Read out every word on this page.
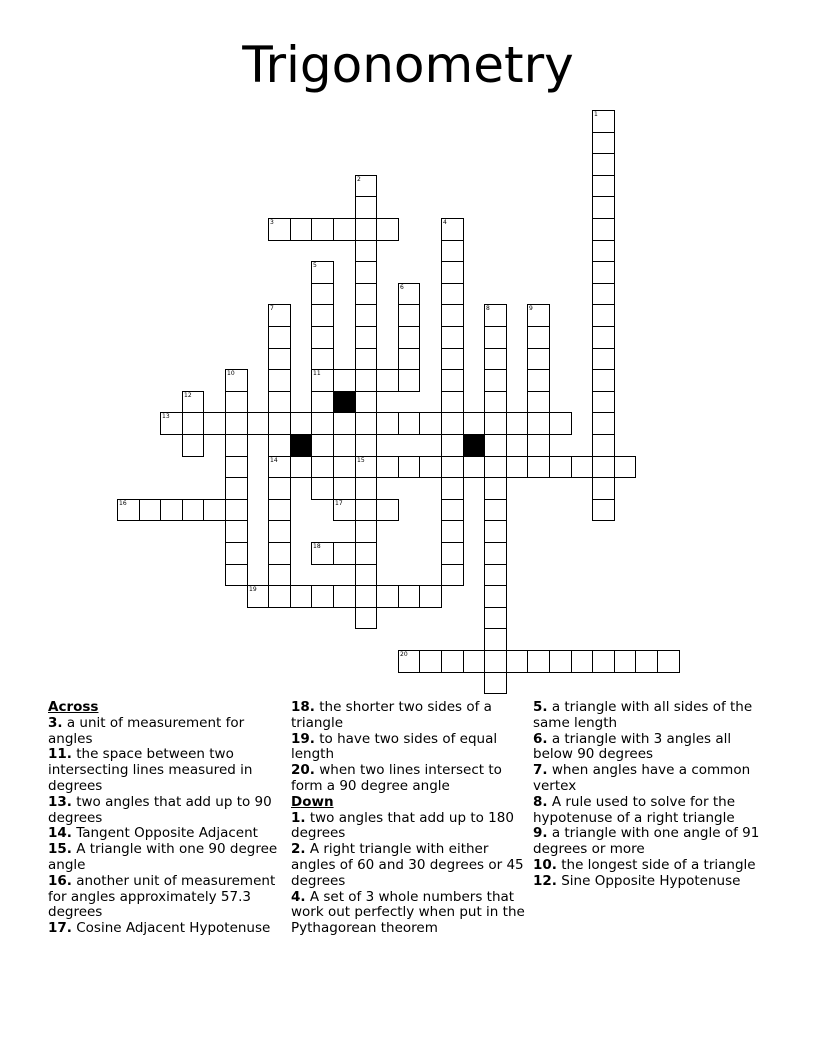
Trigonometry
1
2
3	4
5
6
7	8	9
10	11
12
13
14	15
16	17
18
19
20
Across

3. a unit of measurement for angles

11. the space between two intersecting lines measured in degrees

13. two angles that add up to 90 degrees

14. Tangent Opposite Adjacent

15. A triangle with one 90 degree angle

16. another unit of measurement for angles approximately 57.3 degrees

17. Cosine Adjacent Hypotenuse

18. the shorter two sides of a triangle

19. to have two sides of equal length

20. when two lines intersect to form a 90 degree angle

Down

1. two angles that add up to 180 degrees

2. A right triangle with either angles of 60 and 30 degrees or 45 degrees

4. A set of 3 whole numbers that work out perfectly when put in the Pythagorean theorem

5. a triangle with all sides of the same length

6. a triangle with 3 angles all below 90 degrees

7. when angles have a common vertex

8. A rule used to solve for the hypotenuse of a right triangle

9. a triangle with one angle of 91 degrees or more

10. the longest side of a triangle

12. Sine Opposite Hypotenuse
